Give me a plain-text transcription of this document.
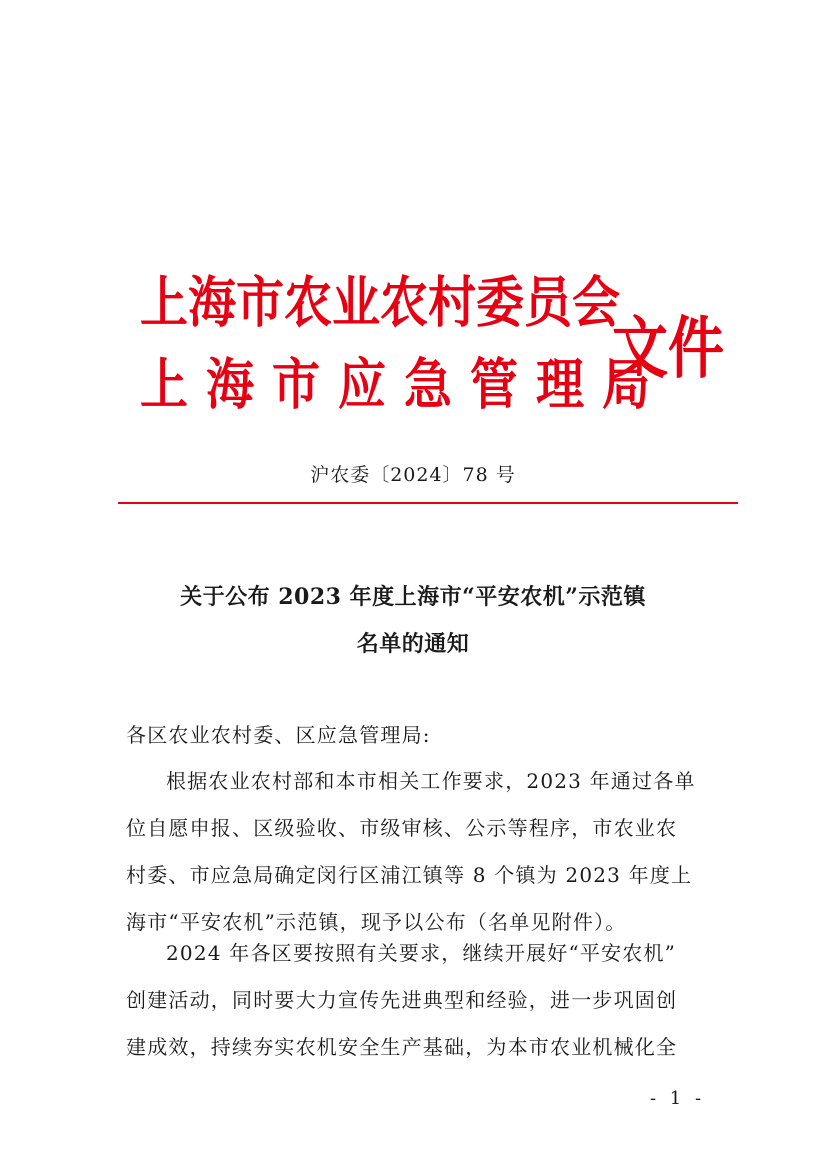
上海市农业农村委员会
上海市应急管理局
文件
沪农委〔2024〕78 号
关于公布 2023 年度上海市“平安农机”示范镇
名单的通知
各区农业农村委、区应急管理局:
根据农业农村部和本市相关工作要求，2023 年通过各单
位自愿申报、区级验收、市级审核、公示等程序，市农业农
村委、市应急局确定闵行区浦江镇等 8 个镇为 2023 年度上
海市“平安农机”示范镇，现予以公布（名单见附件）。
2024 年各区要按照有关要求，继续开展好“平安农机”
创建活动，同时要大力宣传先进典型和经验，进一步巩固创
建成效，持续夯实农机安全生产基础，为本市农业机械化全
- 1 -
